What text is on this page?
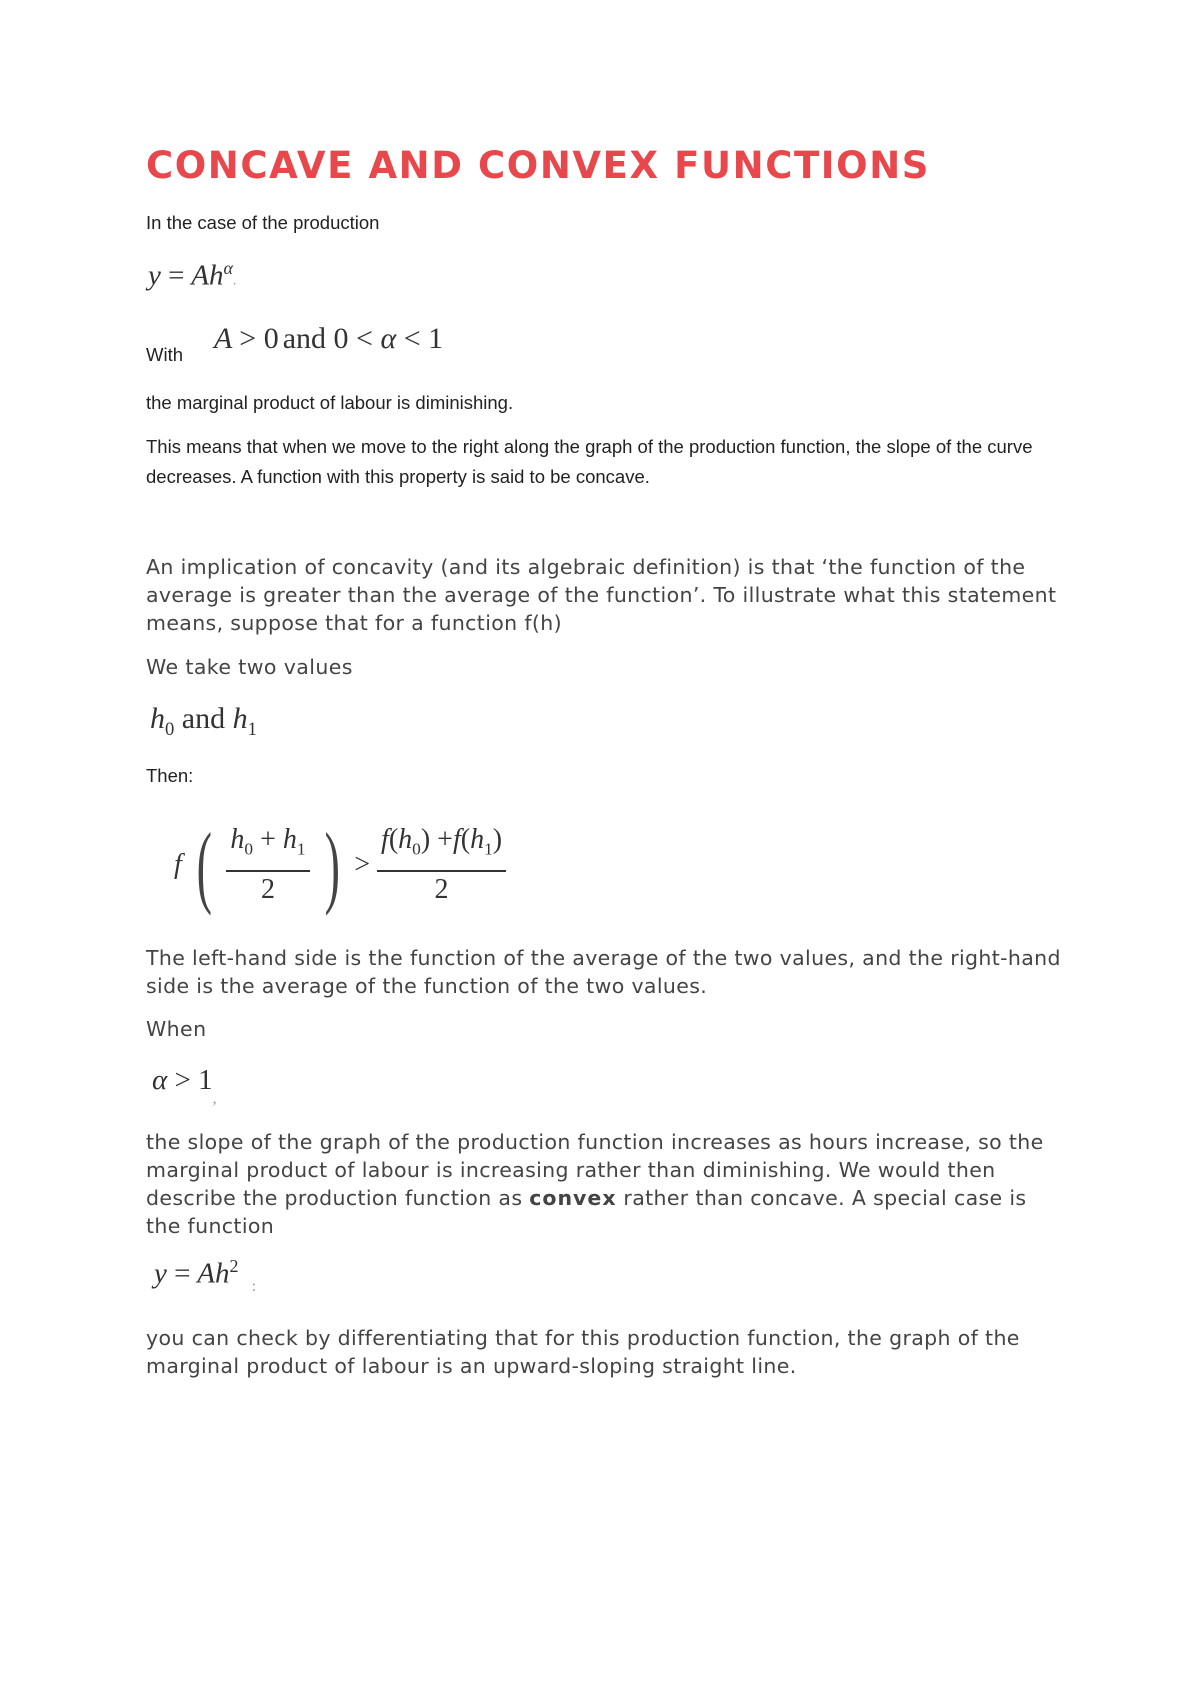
CONCAVE AND CONVEX FUNCTIONS
In the case of the production
$y = Ah^\alpha$.
With A > 0 and 0 < α < 1
the marginal product of labour is diminishing.
This means that when we move to the right along the graph of the production function, the slope of the curve decreases. A function with this property is said to be concave.
An implication of concavity (and its algebraic definition) is that ‘the function of the average is greater than the average of the function’. To illustrate what this statement means, suppose that for a function f(h)
We take two values
$h_0$ and $h_1$
Then:
f ( $\frac{h_0 + h_1}{2}$ ) > $\frac{f(h_0) +f(h_1)}{2}$
The left-hand side is the function of the average of the two values, and the right-hand side is the average of the function of the two values.
When
$\alpha > 1_,$
the slope of the graph of the production function increases as hours increase, so the marginal product of labour is increasing rather than diminishing. We would then describe the production function as convex rather than concave. A special case is the function
$y = Ah^2$ $_:$
you can check by differentiating that for this production function, the graph of the marginal product of labour is an upward-sloping straight line.
